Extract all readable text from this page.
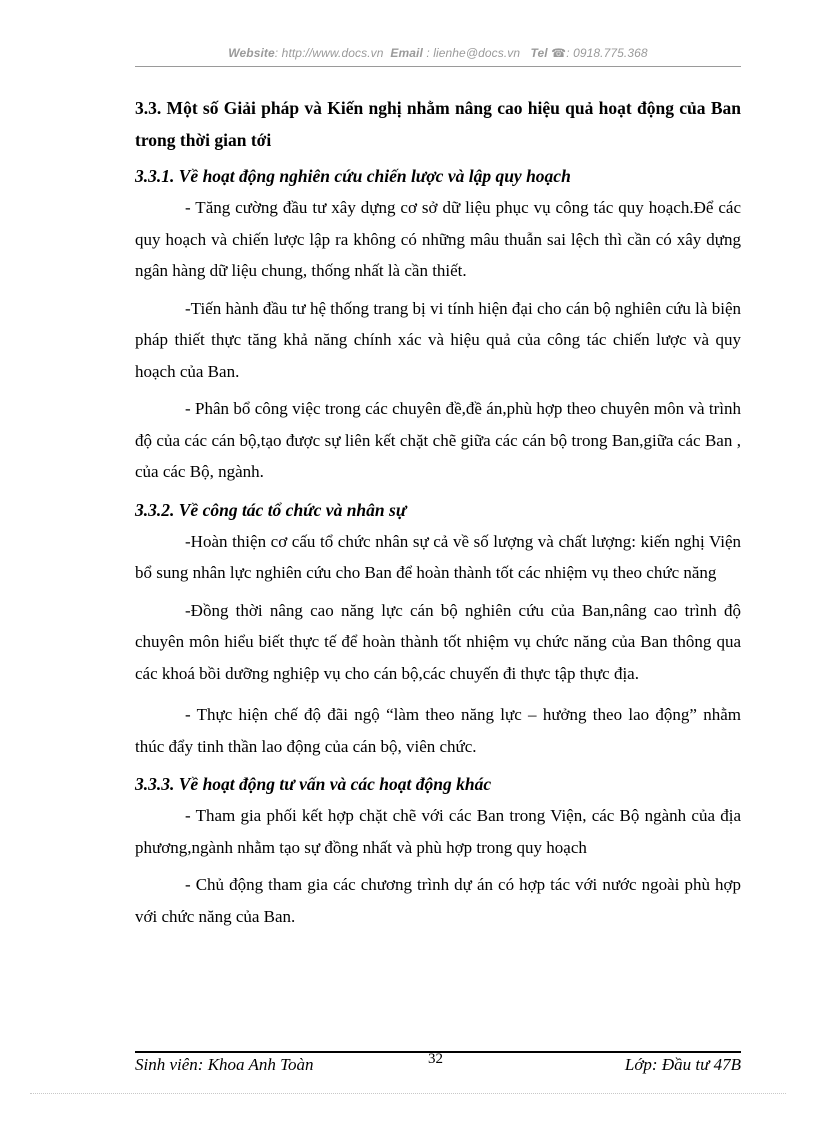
Website: http://www.docs.vn Email : lienhe@docs.vn Tel ☎: 0918.775.368
3.3. Một số Giải pháp và Kiến nghị nhằm nâng cao hiệu quả hoạt động của Ban trong thời gian tới
3.3.1. Về hoạt động nghiên cứu chiến lược và lập quy hoạch

- Tăng cường đầu tư xây dựng cơ sở dữ liệu phục vụ công tác quy hoạch.Để các quy hoạch và chiến lược lập ra không có những mâu thuẫn sai lệch thì cần có xây dựng ngân hàng dữ liệu chung, thống nhất là cần thiết.

-Tiến hành đầu tư hệ thống trang bị vi tính hiện đại cho cán bộ nghiên cứu là biện pháp thiết thực tăng khả năng chính xác và hiệu quả của công tác chiến lược và quy hoạch của Ban.

- Phân bổ công việc trong các chuyên đề,đề án,phù hợp theo chuyên môn và trình độ của các cán bộ,tạo được sự liên kết chặt chẽ giữa các cán bộ trong Ban,giữa các Ban , của các Bộ, ngành.

3.3.2. Về công tác tổ chức và nhân sự

-Hoàn thiện cơ cấu tổ chức nhân sự cả về số lượng và chất lượng: kiến nghị Viện bổ sung nhân lực nghiên cứu cho Ban để hoàn thành tốt các nhiệm vụ theo chức năng

-Đồng thời nâng cao năng lực cán bộ nghiên cứu của Ban,nâng cao trình độ chuyên môn hiểu biết thực tế để hoàn thành tốt nhiệm vụ chức năng của Ban thông qua các khoá bồi dưỡng nghiệp vụ cho cán bộ,các chuyến đi thực tập thực địa.

- Thực hiện chế độ đãi ngộ “làm theo năng lực – hưởng theo lao động” nhằm thúc đẩy tinh thần lao động của cán bộ, viên chức.

3.3.3. Về hoạt động tư vấn và các hoạt động khác

- Tham gia phối kết hợp chặt chẽ với các Ban trong Viện, các Bộ ngành của địa phương,ngành nhằm tạo sự đồng nhất và phù hợp trong quy hoạch

- Chủ động tham gia các chương trình dự án có hợp tác với nước ngoài phù hợp với chức năng của Ban.

Sinh viên: Khoa Anh Toàn	32	Lớp: Đầu tư 47B
